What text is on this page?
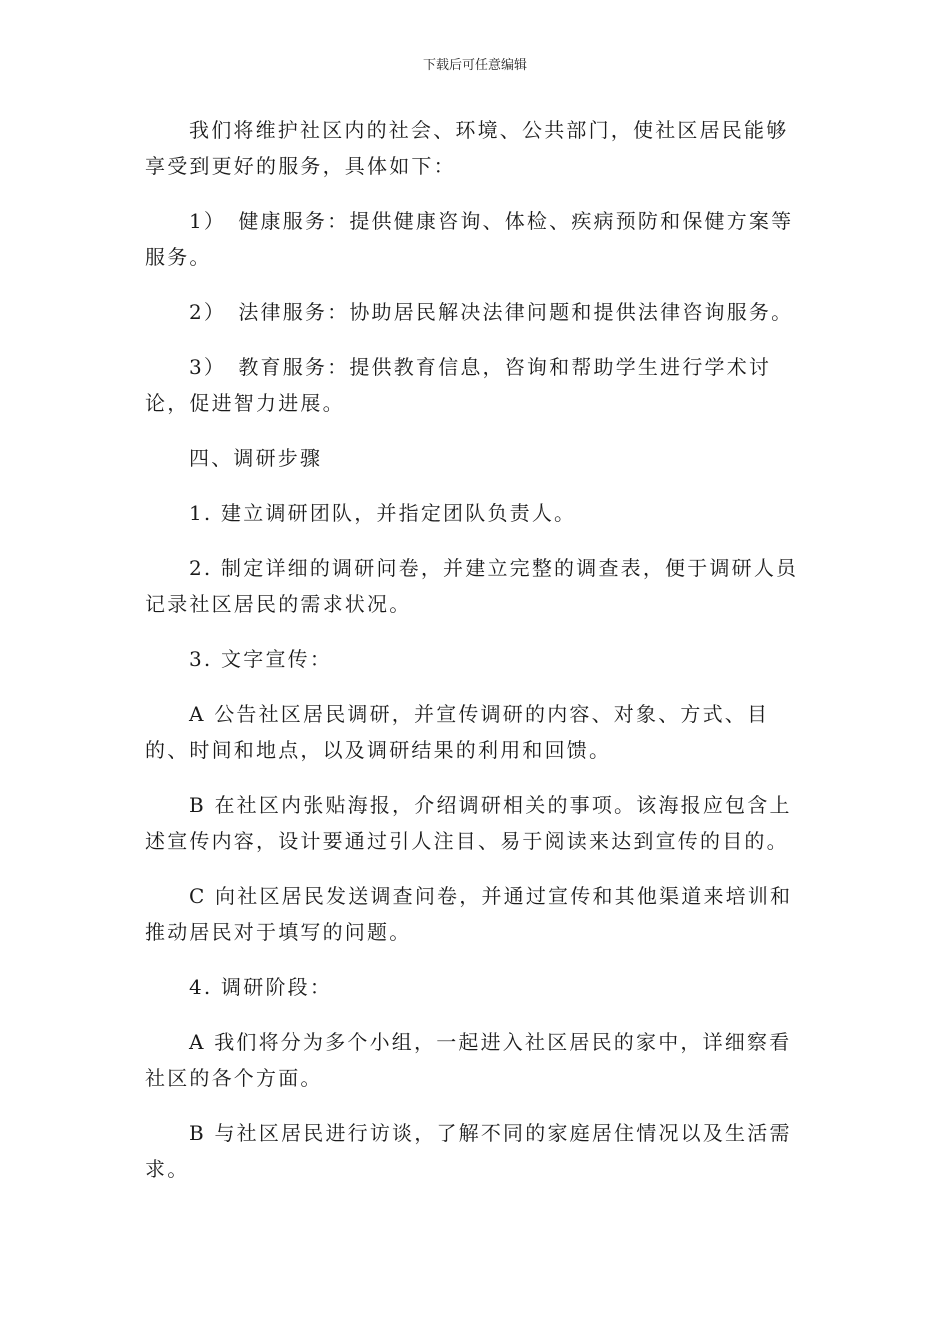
下载后可任意编辑

我们将维护社区内的社会、环境、公共部门，使社区居民能够享受到更好的服务，具体如下：

1）　健康服务：提供健康咨询、体检、疾病预防和保健方案等服务。

2）　法律服务：协助居民解决法律问题和提供法律咨询服务。

3）　教育服务：提供教育信息，咨询和帮助学生进行学术讨论，促进智力进展。

四、调研步骤

1. 建立调研团队，并指定团队负责人。

2. 制定详细的调研问卷，并建立完整的调查表，便于调研人员记录社区居民的需求状况。

3. 文字宣传：

A 公告社区居民调研，并宣传调研的内容、对象、方式、目的、时间和地点，以及调研结果的利用和回馈。

B 在社区内张贴海报，介绍调研相关的事项。该海报应包含上述宣传内容，设计要通过引人注目、易于阅读来达到宣传的目的。

C 向社区居民发送调查问卷，并通过宣传和其他渠道来培训和推动居民对于填写的问题。

4. 调研阶段：

A 我们将分为多个小组，一起进入社区居民的家中，详细察看社区的各个方面。

B 与社区居民进行访谈，了解不同的家庭居住情况以及生活需求。
